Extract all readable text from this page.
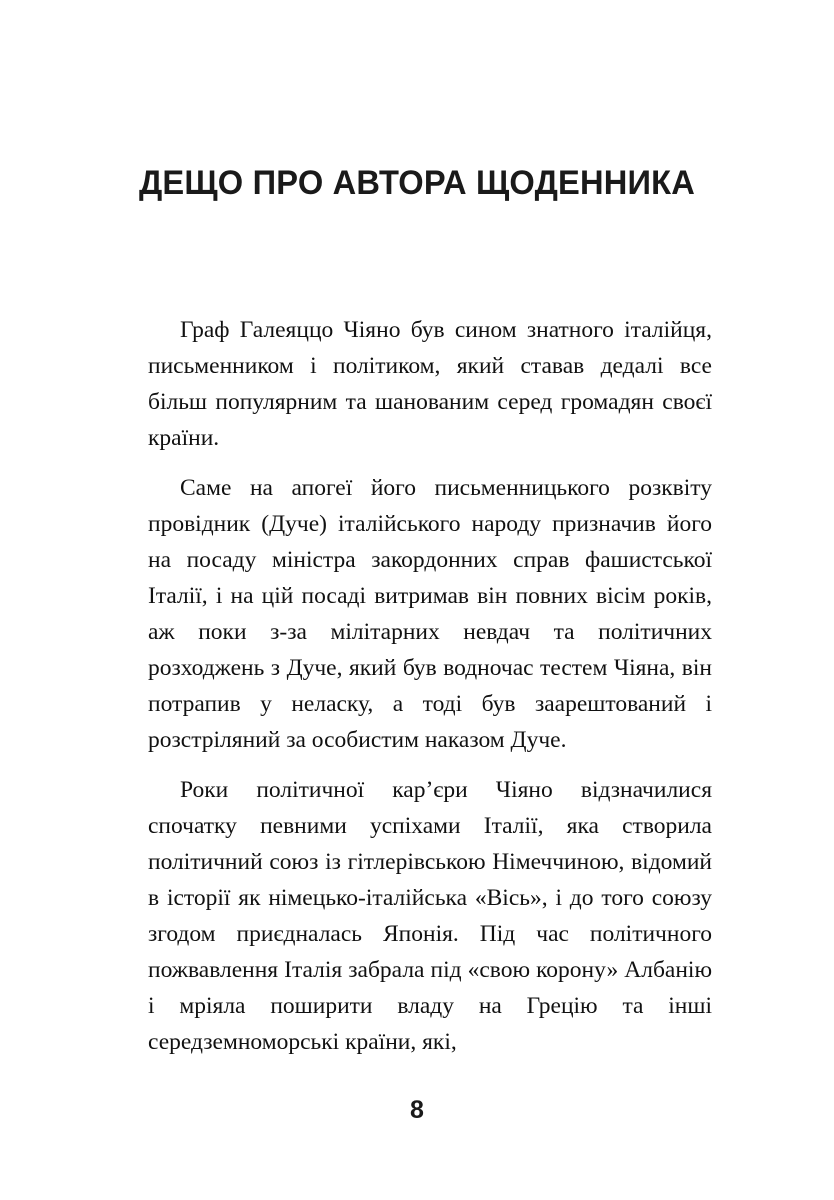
ДЕЩО ПРО АВТОРА ЩОДЕННИКА

Граф Галеяццо Чіяно був сином знатного італійця, письменником і політиком, який ставав дедалі все більш популярним та шанованим серед громадян своєї країни.

Саме на апогеї його письменницького розквіту провідник (Дуче) італійського народу призначив його на посаду міністра закордонних справ фашистської Італії, і на цій посаді витримав він повних вісім років, аж поки з-за мілітарних невдач та політичних розходжень з Дуче, який був водночас тестем Чіяна, він потрапив у неласку, а тоді був заарештований і розстріляний за особистим наказом Дуче.

Роки політичної кар’єри Чіяно відзначилися спочатку певними успіхами Італії, яка створила політичний союз із гітлерівською Німеччиною, відомий в історії як німецько-італійська «Вісь», і до того союзу згодом приєдналась Японія. Під час політичного пожвавлення Італія забрала під «свою корону» Албанію і мріяла поширити владу на Грецію та інші середземноморські країни, які,

8
